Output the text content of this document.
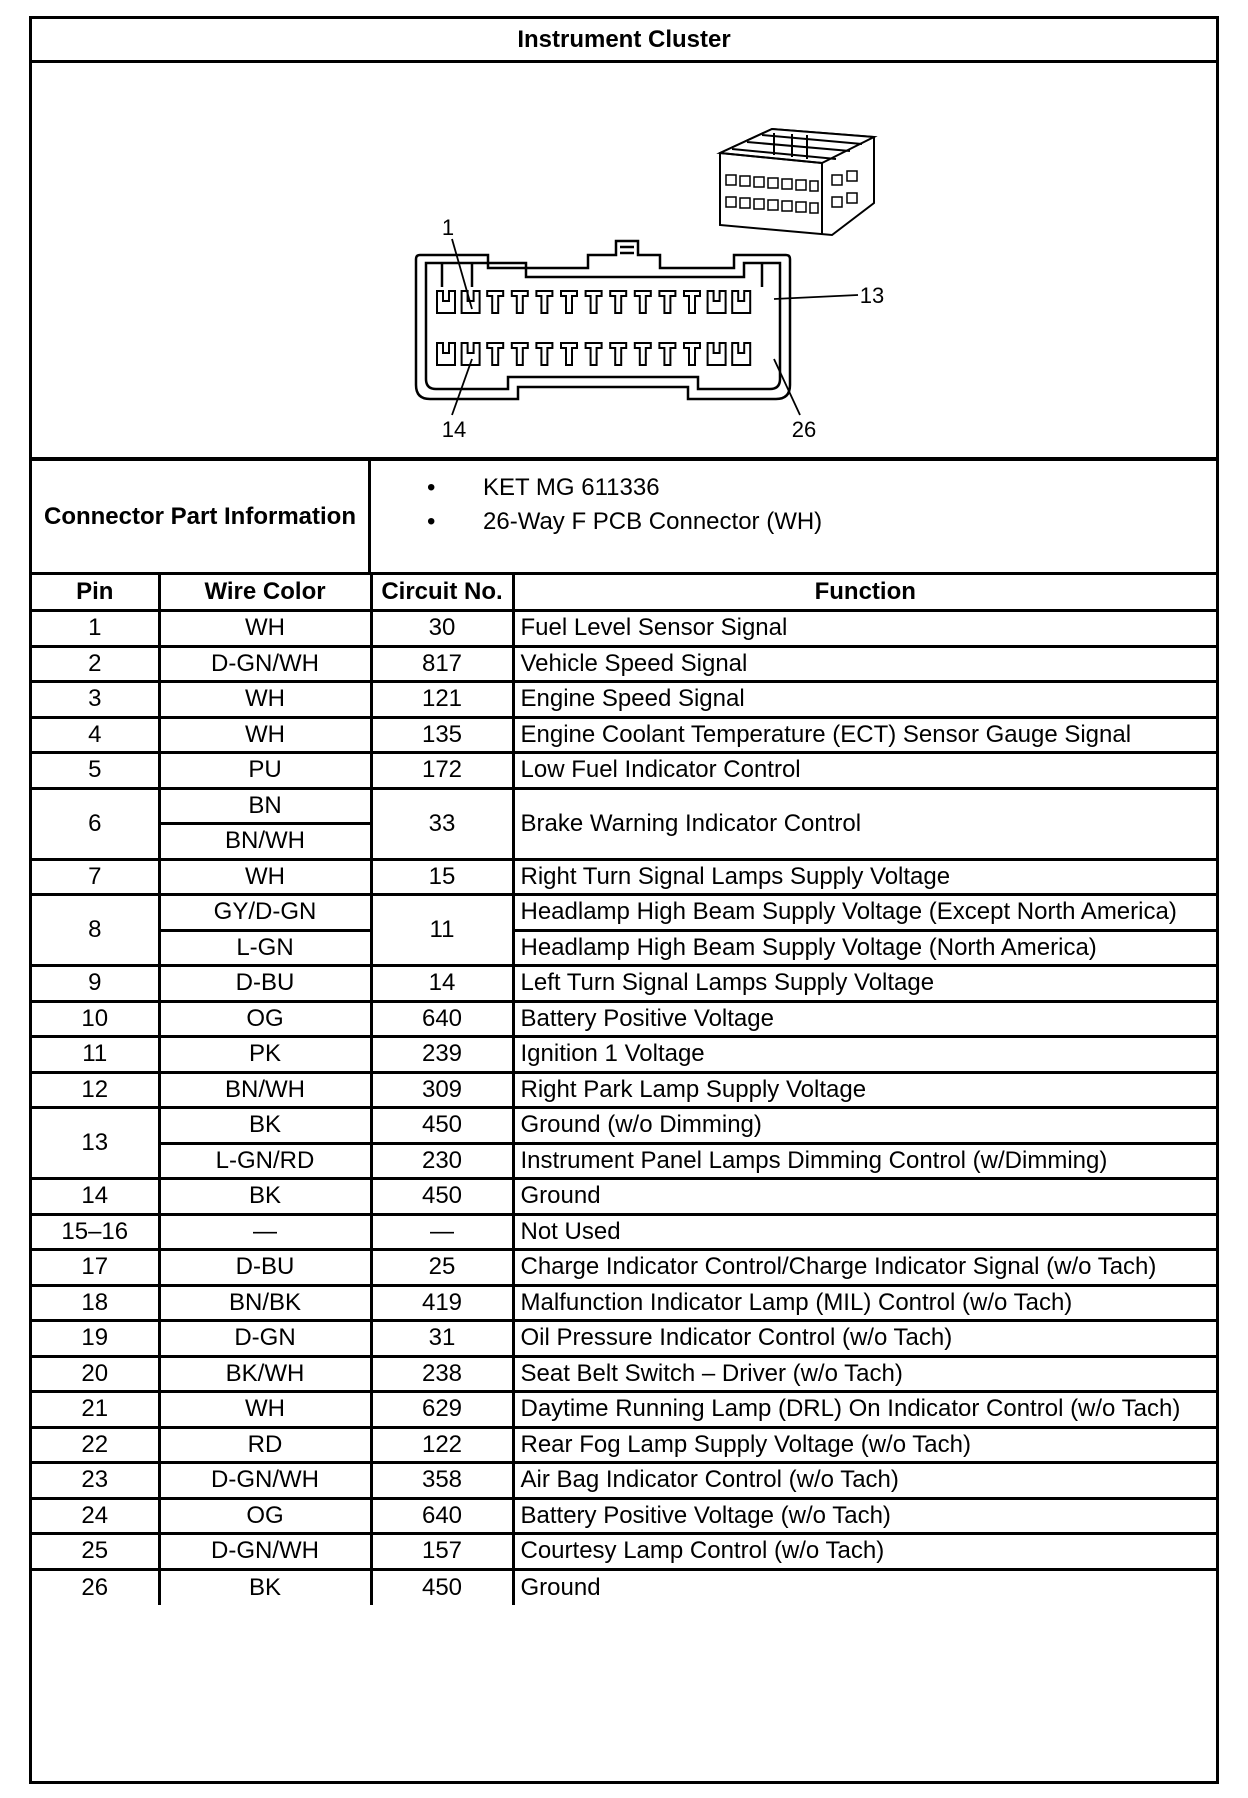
Instrument Cluster
1
13
14	26
Connector Part Information
• KET MG 611336
• 26-Way F PCB Connector (WH)
Pin	Wire Color	Circuit No.	Function
1	WH	30	Fuel Level Sensor Signal
2	D-GN/WH	817	Vehicle Speed Signal
3	WH	121	Engine Speed Signal
4	WH	135	Engine Coolant Temperature (ECT) Sensor Gauge Signal
5	PU	172	Low Fuel Indicator Control
6	BN	33	Brake Warning Indicator Control
	BN/WH		
7	WH	15	Right Turn Signal Lamps Supply Voltage
8	GY/D-GN	11	Headlamp High Beam Supply Voltage (Except North America)
	L-GN		Headlamp High Beam Supply Voltage (North America)
9	D-BU	14	Left Turn Signal Lamps Supply Voltage
10	OG	640	Battery Positive Voltage
11	PK	239	Ignition 1 Voltage
12	BN/WH	309	Right Park Lamp Supply Voltage
13	BK	450	Ground (w/o Dimming)
	L-GN/RD	230	Instrument Panel Lamps Dimming Control (w/Dimming)
14	BK	450	Ground
15–16	—	—	Not Used
17	D-BU	25	Charge Indicator Control/Charge Indicator Signal (w/o Tach)
18	BN/BK	419	Malfunction Indicator Lamp (MIL) Control (w/o Tach)
19	D-GN	31	Oil Pressure Indicator Control (w/o Tach)
20	BK/WH	238	Seat Belt Switch – Driver (w/o Tach)
21	WH	629	Daytime Running Lamp (DRL) On Indicator Control (w/o Tach)
22	RD	122	Rear Fog Lamp Supply Voltage (w/o Tach)
23	D-GN/WH	358	Air Bag Indicator Control (w/o Tach)
24	OG	640	Battery Positive Voltage (w/o Tach)
25	D-GN/WH	157	Courtesy Lamp Control (w/o Tach)
26	BK	450	Ground
